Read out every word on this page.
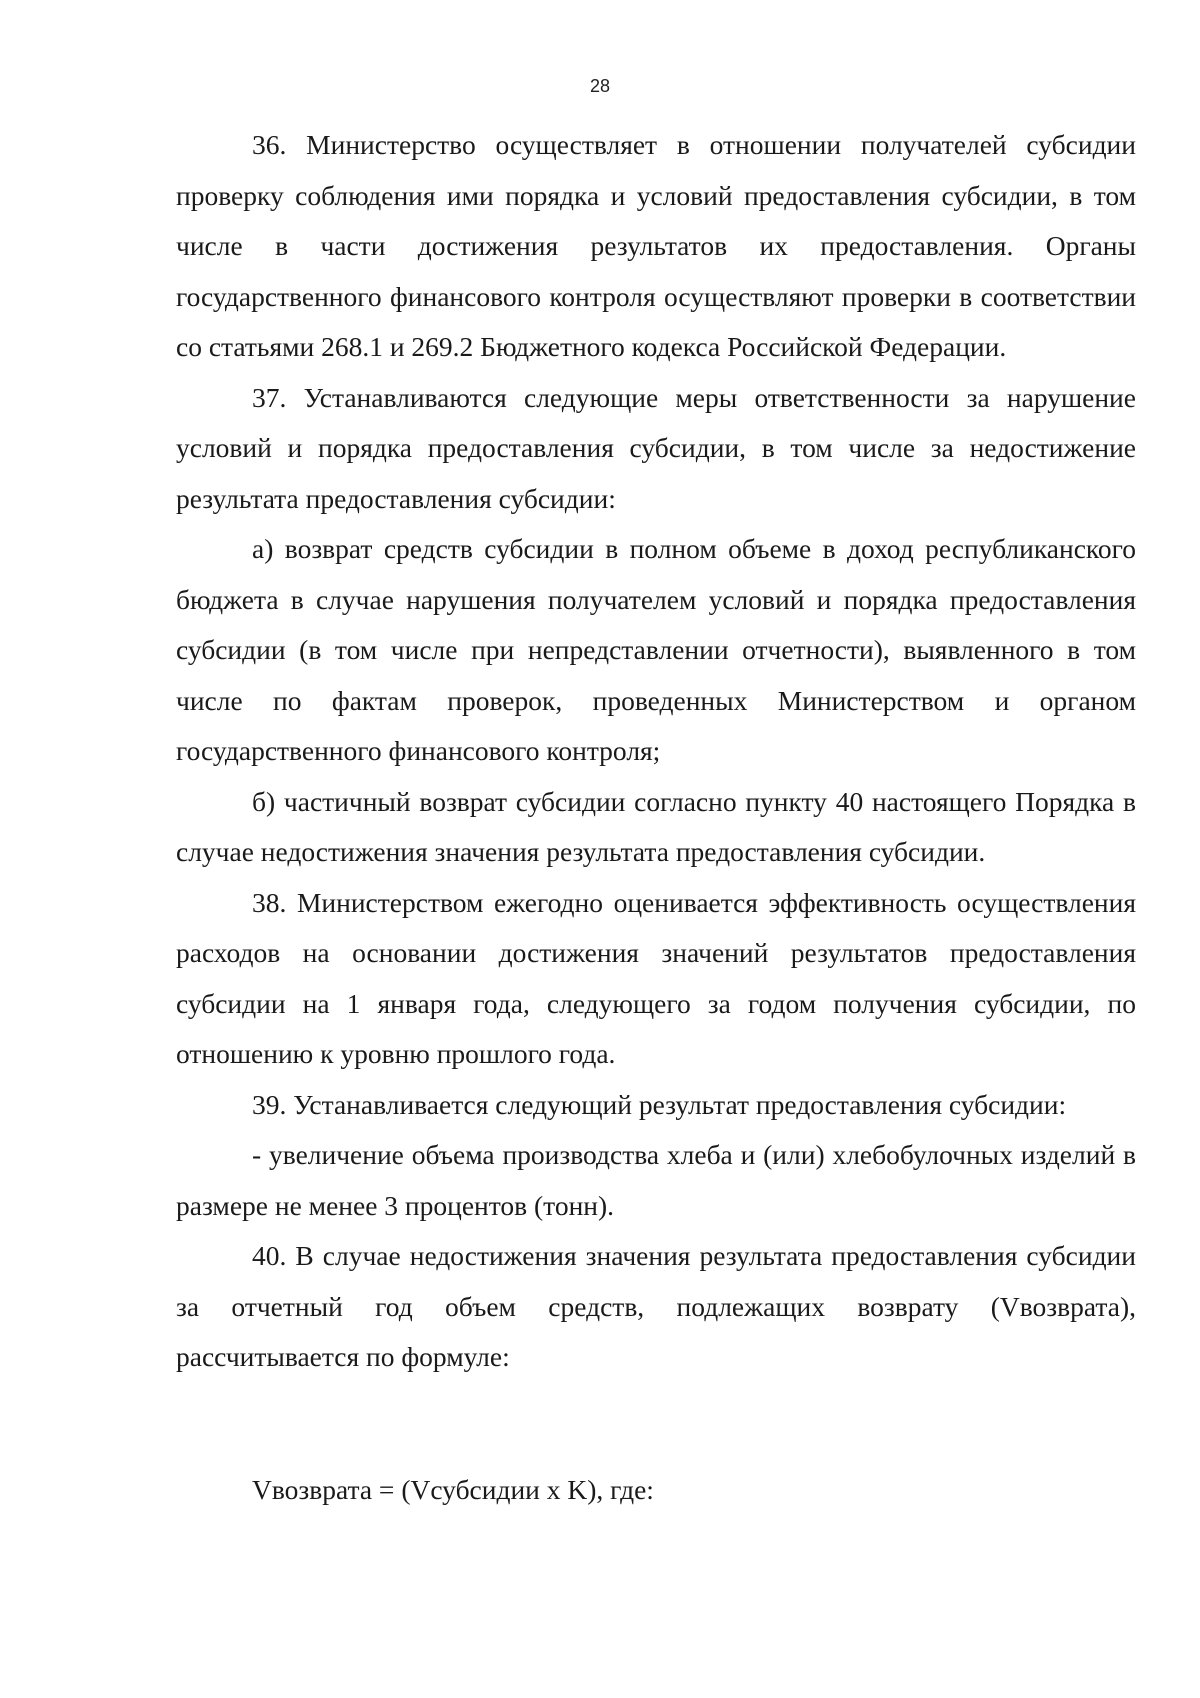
28

36. Министерство осуществляет в отношении получателей субсидии проверку соблюдения ими порядка и условий предоставления субсидии, в том числе в части достижения результатов их предоставления. Органы государственного финансового контроля осуществляют проверки в соответствии со статьями 268.1 и 269.2 Бюджетного кодекса Российской Федерации.

37. Устанавливаются следующие меры ответственности за нарушение условий и порядка предоставления субсидии, в том числе за недостижение результата предоставления субсидии:

а) возврат средств субсидии в полном объеме в доход республиканского бюджета в случае нарушения получателем условий и порядка предоставления субсидии (в том числе при непредставлении отчетности), выявленного в том числе по фактам проверок, проведенных Министерством и органом государственного финансового контроля;

б) частичный возврат субсидии согласно пункту 40 настоящего Порядка в случае недостижения значения результата предоставления субсидии.

38. Министерством ежегодно оценивается эффективность осуществления расходов на основании достижения значений результатов предоставления субсидии на 1 января года, следующего за годом получения субсидии, по отношению к уровню прошлого года.

39. Устанавливается следующий результат предоставления субсидии:

- увеличение объема производства хлеба и (или) хлебобулочных изделий в размере не менее 3 процентов (тонн).

40. В случае недостижения значения результата предоставления субсидии за отчетный год объем средств, подлежащих возврату (Vвозврата), рассчитывается по формуле:

Vвозврата = (Vсубсидии x K), где:
